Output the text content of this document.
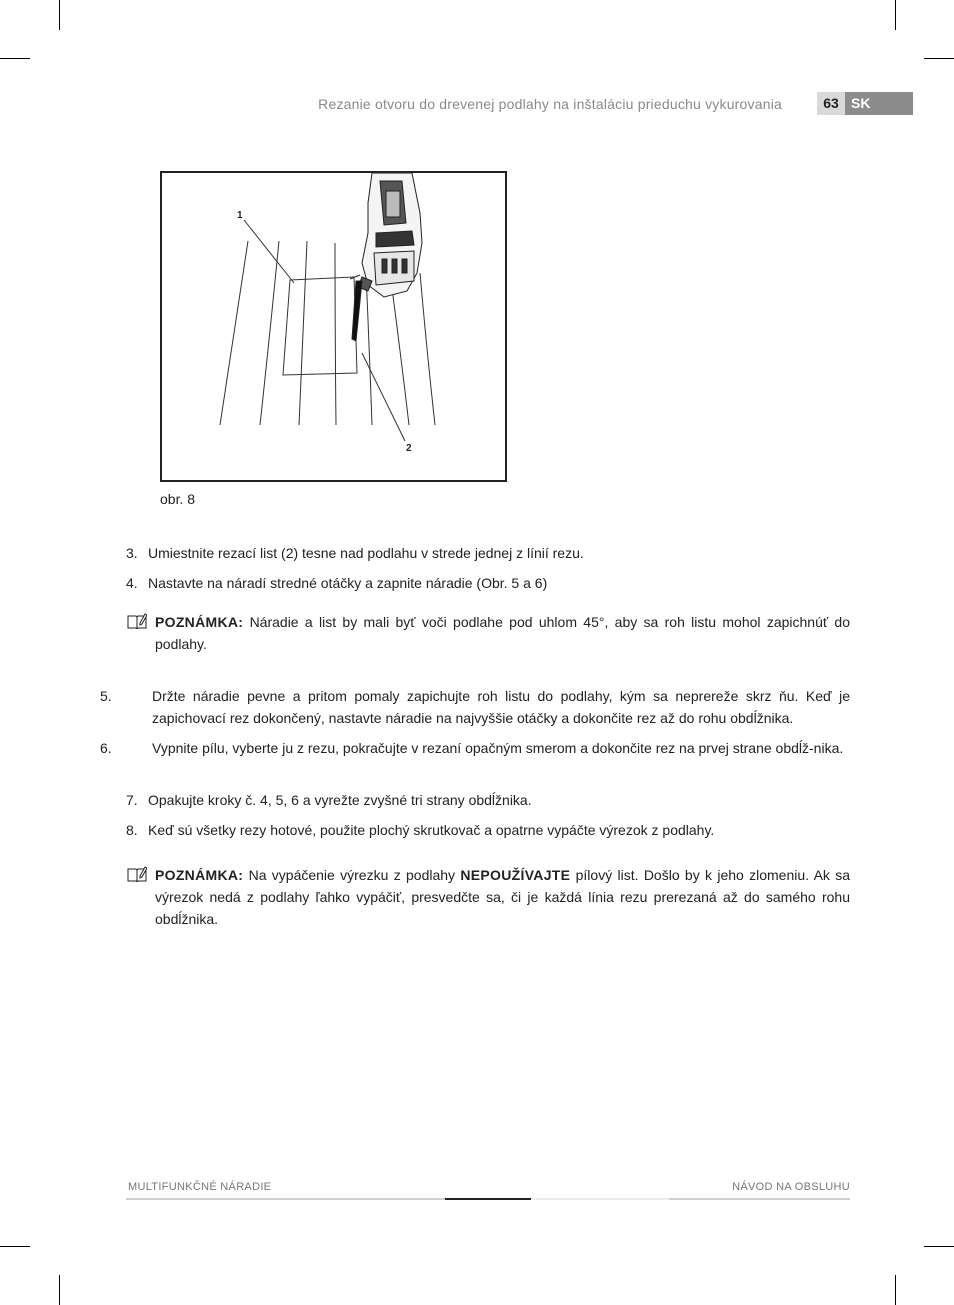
Rezanie otvoru do drevenej podlahy na inštaláciu prieduchu vykurovania	63 SK
1
2
obr. 8
3. Umiestnite rezací list (2) tesne nad podlahu v strede jednej z línií rezu.
4. Nastavte na náradí stredné otáčky a zapnite náradie (Obr. 5 a 6)
POZNÁMKA: Náradie a list by mali byť voči podlahe pod uhlom 45°, aby sa roh listu mohol zapichnúť do podlahy.
5.	Držte náradie pevne a pritom pomaly zapichujte roh listu do podlahy, kým sa neprereže skrz ňu. Keď je zapichovací rez dokončený, nastavte náradie na najvyššie otáčky a dokončite rez až do rohu obdĺžnika.
6.	Vypnite pílu, vyberte ju z rezu, pokračujte v rezaní opačným smerom a dokončite rez na prvej strane obdĺž-nika.
7. Opakujte kroky č. 4, 5, 6 a vyrežte zvyšné tri strany obdĺžnika.
8. Keď sú všetky rezy hotové, použite plochý skrutkovač a opatrne vypáčte výrezok z podlahy.
POZNÁMKA: Na vypáčenie výrezku z podlahy NEPOUŽÍVAJTE pílový list. Došlo by k jeho zlomeniu. Ak sa výrezok nedá z podlahy ľahko vypáčiť, presvedčte sa, či je každá línia rezu prerezaná až do samého rohu obdĺžnika.
MULTIFUNKČNÉ NÁRADIE	NÁVOD NA OBSLUHU
